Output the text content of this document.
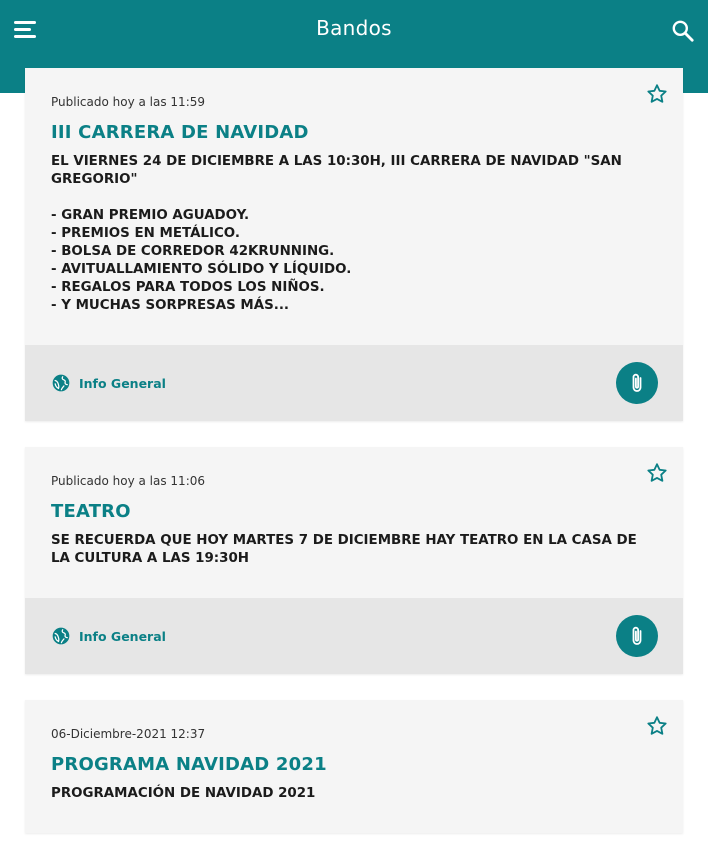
Bandos
Publicado hoy a las 11:59
III CARRERA DE NAVIDAD
EL VIERNES 24 DE DICIEMBRE A LAS 10:30H, III CARRERA DE NAVIDAD "SAN GREGORIO"

- GRAN PREMIO AGUADOY.
- PREMIOS EN METÁLICO.
- BOLSA DE CORREDOR 42KRUNNING.
- AVITUALLAMIENTO SÓLIDO Y LÍQUIDO.
- REGALOS PARA TODOS LOS NIÑOS.
- Y MUCHAS SORPRESAS MÁS...
Info General
Publicado hoy a las 11:06
TEATRO
SE RECUERDA QUE HOY MARTES 7 DE DICIEMBRE HAY TEATRO EN LA CASA DE LA CULTURA A LAS 19:30H
Info General
06-Diciembre-2021 12:37
PROGRAMA NAVIDAD 2021
PROGRAMACIÓN DE NAVIDAD 2021
